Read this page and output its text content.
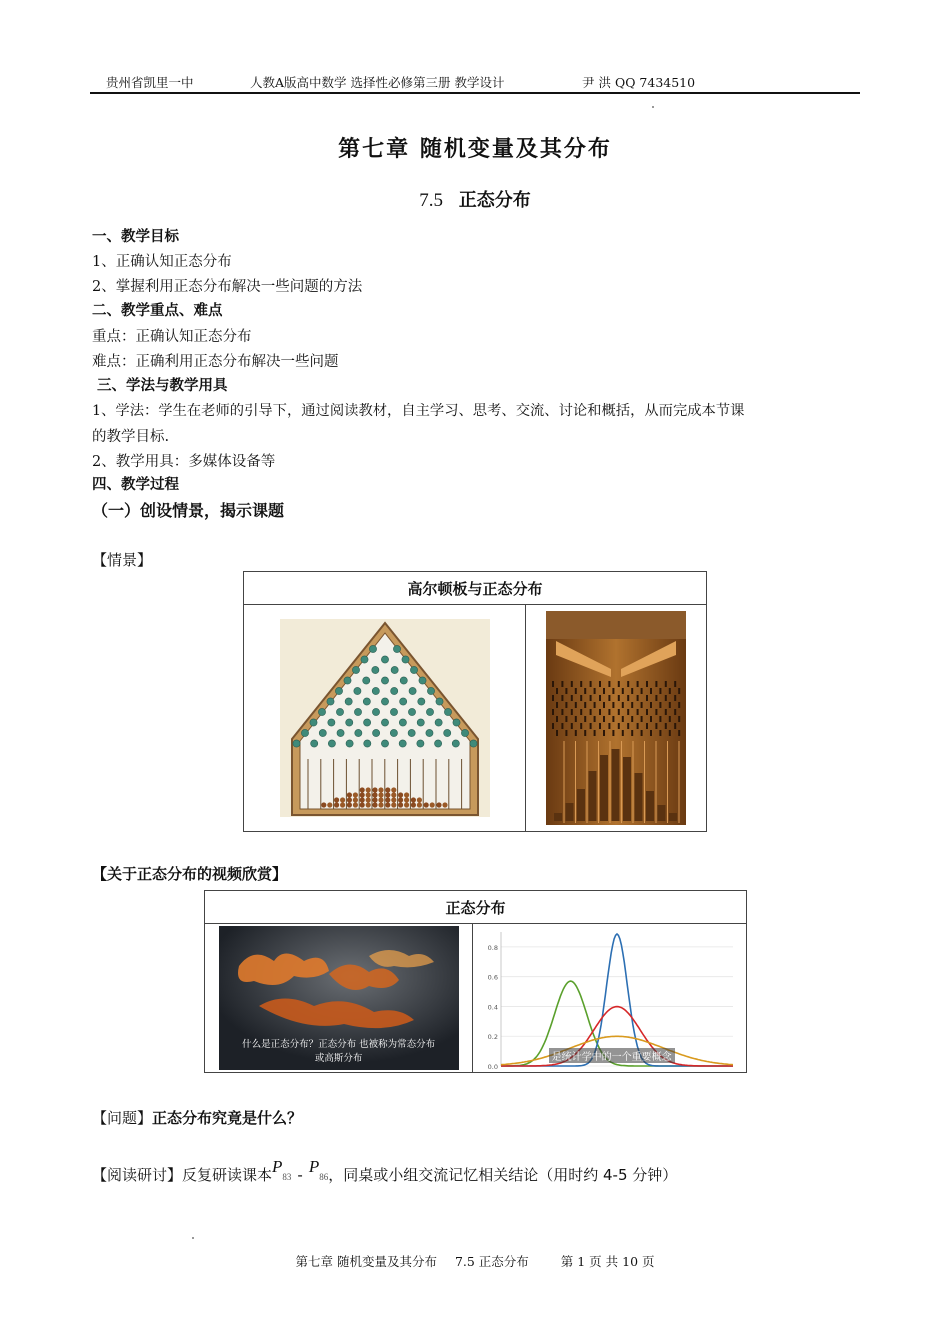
贵州省凯里一中	人教A版高中数学 选择性必修第三册 教学设计	尹 洪 QQ 7434510
第七章 随机变量及其分布
7.5 正态分布
一、教学目标
1、正确认知正态分布
2、掌握利用正态分布解决一些问题的方法
二、教学重点、难点
重点：正确认知正态分布
难点：正确利用正态分布解决一些问题
三、学法与教学用具
1、学法：学生在老师的引导下，通过阅读教材，自主学习、思考、交流、讨论和概括，从而完成本节课
的教学目标.
2、教学用具：多媒体设备等
四、教学过程
（一）创设情景，揭示课题
【情景】
高尔顿板与正态分布

【关于正态分布的视频欣赏】
正态分布

什么是正态分布？正态分布 也被称为常态分布
或高斯分布

0.0
0.2
0.4
0.6
0.8
是统计学中的一个重要概念
【问题】正态分布究竟是什么？
【阅读研讨】反复研读课本P83 - P86，同桌或小组交流记忆相关结论（用时约 4-5 分钟）
第七章 随机变量及其分布 7.5 正态分布	第 1 页 共 10 页
